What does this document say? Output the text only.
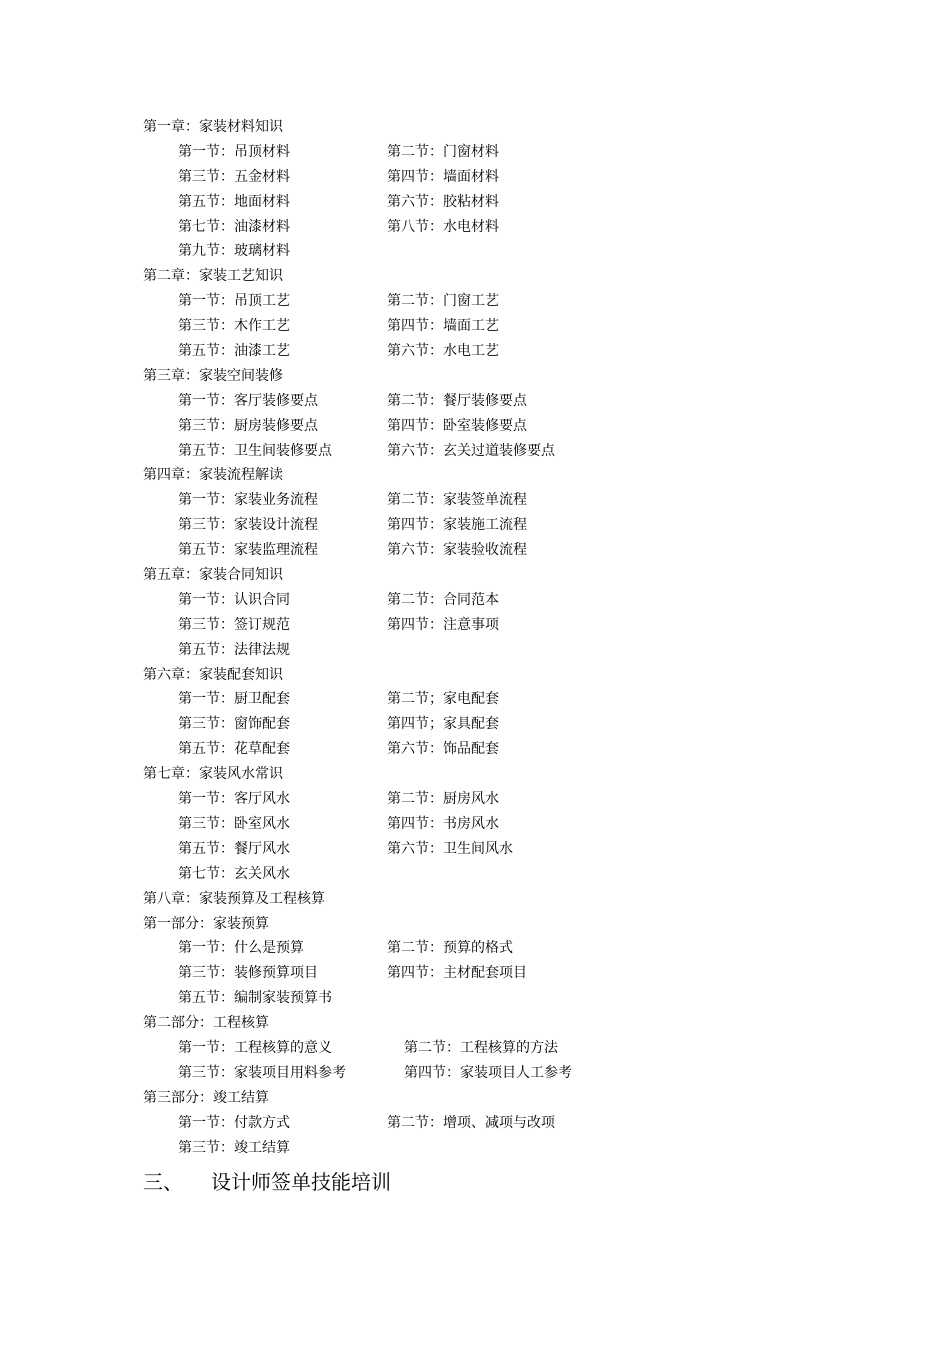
第一章：家装材料知识
第一节：吊顶材料	第二节：门窗材料
第三节：五金材料	第四节：墙面材料
第五节：地面材料	第六节：胶粘材料
第七节：油漆材料	第八节：水电材料
第九节：玻璃材料
第二章：家装工艺知识
第一节：吊顶工艺	第二节：门窗工艺
第三节：木作工艺	第四节：墙面工艺
第五节：油漆工艺	第六节：水电工艺
第三章：家装空间装修
第一节：客厅装修要点	第二节：餐厅装修要点
第三节：厨房装修要点	第四节：卧室装修要点
第五节：卫生间装修要点	第六节：玄关过道装修要点
第四章：家装流程解读
第一节：家装业务流程	第二节：家装签单流程
第三节：家装设计流程	第四节：家装施工流程
第五节：家装监理流程	第六节：家装验收流程
第五章：家装合同知识
第一节：认识合同	第二节：合同范本
第三节：签订规范	第四节：注意事项
第五节：法律法规
第六章：家装配套知识
第一节：厨卫配套	第二节；家电配套
第三节：窗饰配套	第四节；家具配套
第五节：花草配套	第六节：饰品配套
第七章：家装风水常识
第一节：客厅风水	第二节：厨房风水
第三节：卧室风水	第四节：书房风水
第五节：餐厅风水	第六节：卫生间风水
第七节：玄关风水
第八章：家装预算及工程核算
第一部分：家装预算
第一节：什么是预算	第二节：预算的格式
第三节：装修预算项目	第四节：主材配套项目
第五节：编制家装预算书
第二部分：工程核算
第一节：工程核算的意义	第二节：工程核算的方法
第三节：家装项目用料参考	第四节：家装项目人工参考
第三部分：竣工结算
第一节：付款方式	第二节：增项、减项与改项
第三节：竣工结算
三、 设计师签单技能培训
